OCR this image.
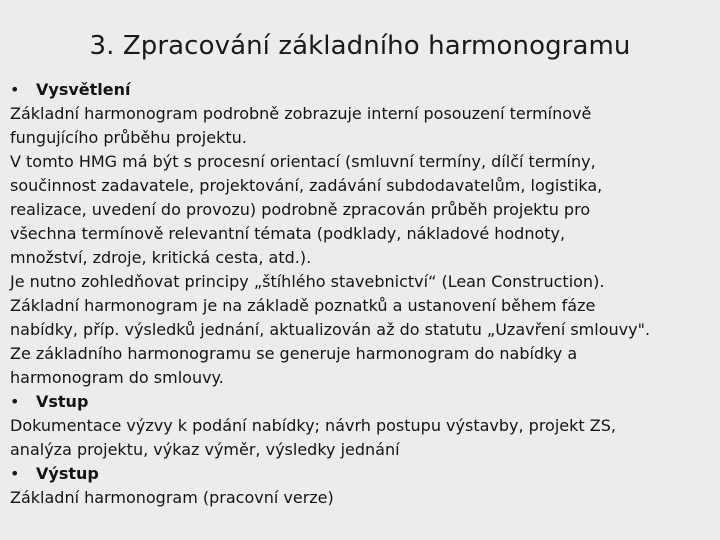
3. Zpracování základního harmonogramu
• Vysvětlení
Základní harmonogram podrobně zobrazuje interní posouzení termínově
fungujícího průběhu projektu.
V tomto HMG má být s procesní orientací (smluvní termíny, dílčí termíny,
součinnost zadavatele, projektování, zadávání subdodavatelům, logistika,
realizace, uvedení do provozu) podrobně zpracován průběh projektu pro
všechna termínově relevantní témata (podklady, nákladové hodnoty,
množství, zdroje, kritická cesta, atd.).
Je nutno zohledňovat principy „štíhlého stavebnictví“ (Lean Construction).
Základní harmonogram je na základě poznatků a ustanovení během fáze
nabídky, příp. výsledků jednání, aktualizován až do statutu „Uzavření smlouvy".
Ze základního harmonogramu se generuje harmonogram do nabídky a
harmonogram do smlouvy.
• Vstup
Dokumentace výzvy k podání nabídky; návrh postupu výstavby, projekt ZS,
analýza projektu, výkaz výměr, výsledky jednání
• Výstup
Základní harmonogram (pracovní verze)
